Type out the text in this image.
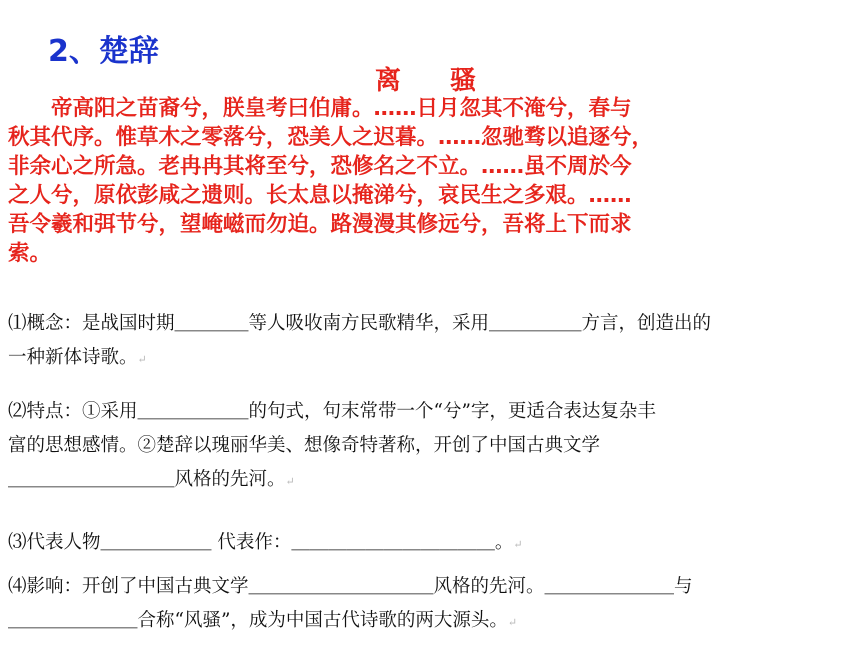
2、楚辞
离 骚
　　帝高阳之苗裔兮，朕皇考曰伯庸。……日月忽其不淹兮，春与
秋其代序。惟草木之零落兮，恐美人之迟暮。……忽驰骛以追逐兮，
非余心之所急。老冉冉其将至兮，恐修名之不立。……虽不周於今
之人兮，原依彭咸之遗则。长太息以掩涕兮，哀民生之多艰。……
吾令羲和弭节兮，望崦嵫而勿迫。路漫漫其修远兮，吾将上下而求
索。
⑴概念：是战国时期＿＿＿＿等人吸收南方民歌精华，采用＿＿＿＿＿方言，创造出的
一种新体诗歌。↵
⑵特点：①采用＿＿＿＿＿＿的句式，句末常带一个“兮”字，更适合表达复杂丰
富的思想感情。②楚辞以瑰丽华美、想像奇特著称，开创了中国古典文学
＿＿＿＿＿＿＿＿＿风格的先河。↵
⑶代表人物＿＿＿＿＿＿ 代表作：＿＿＿＿＿＿＿＿＿＿＿。↵
⑷影响：开创了中国古典文学＿＿＿＿＿＿＿＿＿＿风格的先河。＿＿＿＿＿＿＿与
＿＿＿＿＿＿＿合称“风骚”，成为中国古代诗歌的两大源头。↵
